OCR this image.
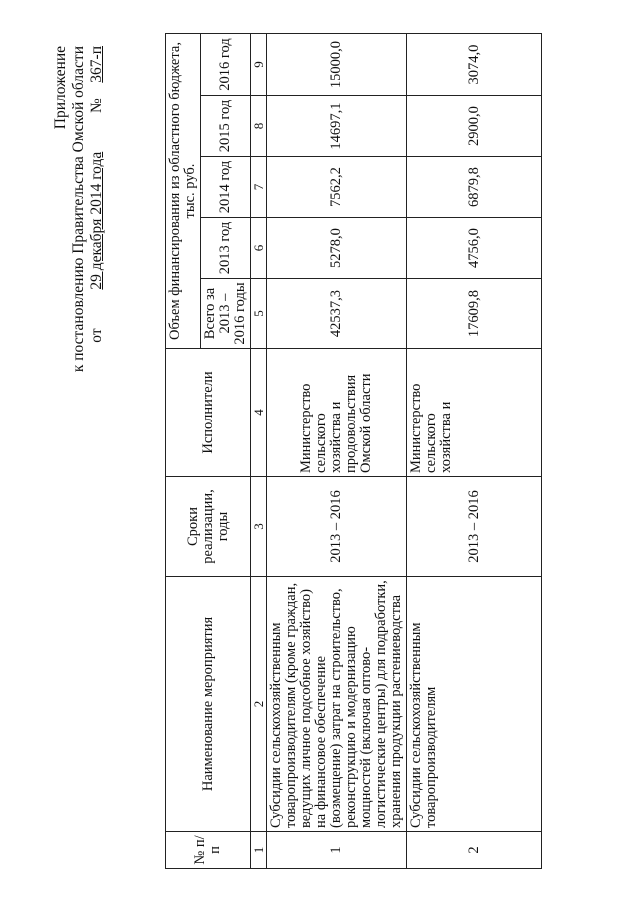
Приложение к постановлению Правительства Омской области от          29 декабря 2014 года          №    367-п
№ п/п	Наименование мероприятия	Сроки реализации, годы	Исполнители	Объем финансирования из областного бюджета, тыс. руб.				
				Всего за 2013 – 2016 годы	2013 год	2014 год	2015 год	2016 год
1	2	3	4	5	6	7	8	9
1	Субсидии сельскохозяйственным товаропроизводителям (кроме граждан, ведущих личное подсобное хозяйство) на финансовое обеспечение (возмещение) затрат на строительство, реконструкцию и модернизацию мощностей (включая оптово-логистические центры) для подработки, хранения продукции растениеводства	2013 – 2016	Министерство сельского хозяйства и продовольствия Омской области	42537,3	5278,0	7562,2	14697,1	15000,0
2	Субсидии сельскохозяйственным товаропроизводителям	2013 – 2016	Министерство сельского хозяйства и	17609,8	4756,0	6879,8	2900,0	3074,0
